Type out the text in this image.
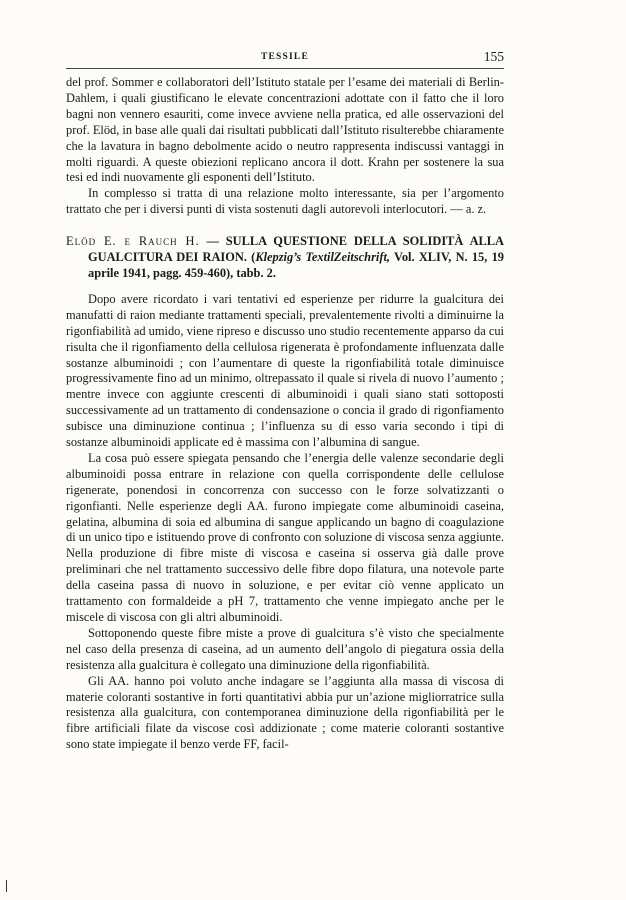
TESSILE	155

del prof. Sommer e collaboratori dell’Istituto statale per l’esame dei materiali di Berlin-Dahlem, i quali giustificano le elevate concentrazioni adottate con il fatto che il loro bagni non vennero esauriti, come invece avviene nella pratica, ed alle osservazioni del prof. Elöd, in base alle quali dai risultati pubblicati dall’Istituto risulterebbe chiaramente che la lavatura in bagno debolmente acido o neutro rappresenta indiscussi vantaggi in molti riguardi. A queste obiezioni replicano ancora il dott. Krahn per sostenere la sua tesi ed indi nuovamente gli esponenti dell’Istituto.

In complesso si tratta di una relazione molto interessante, sia per l’argomento trattato che per i diversi punti di vista sostenuti dagli autorevoli interlocutori. — a. z.

Elöd E. e Rauch H. — SULLA QUESTIONE DELLA SOLIDITÀ ALLA GUALCITURA DEI RAION. (Klepzig’s TextilZeitschrift, Vol. XLIV, N. 15, 19 aprile 1941, pagg. 459-460), tabb. 2.

Dopo avere ricordato i vari tentativi ed esperienze per ridurre la gualcitura dei manufatti di raion mediante trattamenti speciali, prevalentemente rivolti a diminuirne la rigonfiabilità ad umido, viene ripreso e discusso uno studio recentemente apparso da cui risulta che il rigonfiamento della cellulosa rigenerata è profondamente influenzata dalle sostanze albuminoidi ; con l’aumentare di queste la rigonfiabilità totale diminuisce progressivamente fino ad un minimo, oltrepassato il quale si rivela di nuovo l’aumento ; mentre invece con aggiunte crescenti di albuminoidi i quali siano stati sottoposti successivamente ad un trattamento di condensazione o concia il grado di rigonfiamento subisce una diminuzione continua ; l’influenza su di esso varia secondo i tipi di sostanze albuminoidi applicate ed è massima con l’albumina di sangue.

La cosa può essere spiegata pensando che l’energia delle valenze secondarie degli albuminoidi possa entrare in relazione con quella corrispondente delle cellulose rigenerate, ponendosi in concorrenza con successo con le forze solvatizzanti o rigonfianti. Nelle esperienze degli AA. furono impiegate come albuminoidi caseina, gelatina, albumina di soia ed albumina di sangue applicando un bagno di coagulazione di un unico tipo e istituendo prove di confronto con soluzione di viscosa senza aggiunte. Nella produzione di fibre miste di viscosa e caseina si osserva già dalle prove preliminari che nel trattamento successivo delle fibre dopo filatura, una notevole parte della caseina passa di nuovo in soluzione, e per evitar ciò venne applicato un trattamento con formaldeide a pH 7, trattamento che venne impiegato anche per le miscele di viscosa con gli altri albuminoidi.

Sottoponendo queste fibre miste a prove di gualcitura s’è visto che specialmente nel caso della presenza di caseina, ad un aumento dell’angolo di piegatura ossia della resistenza alla gualcitura è collegato una diminuzione della rigonfiabilità.

Gli AA. hanno poi voluto anche indagare se l’aggiunta alla massa di viscosa di materie coloranti sostantive in forti quantitativi abbia pur un’azione migliorratrice sulla resistenza alla gualcitura, con contemporanea diminuzione della rigonfiabilità per le fibre artificiali filate da viscose così addizionate ; come materie coloranti sostantive sono state impiegate il benzo verde FF, facil-
